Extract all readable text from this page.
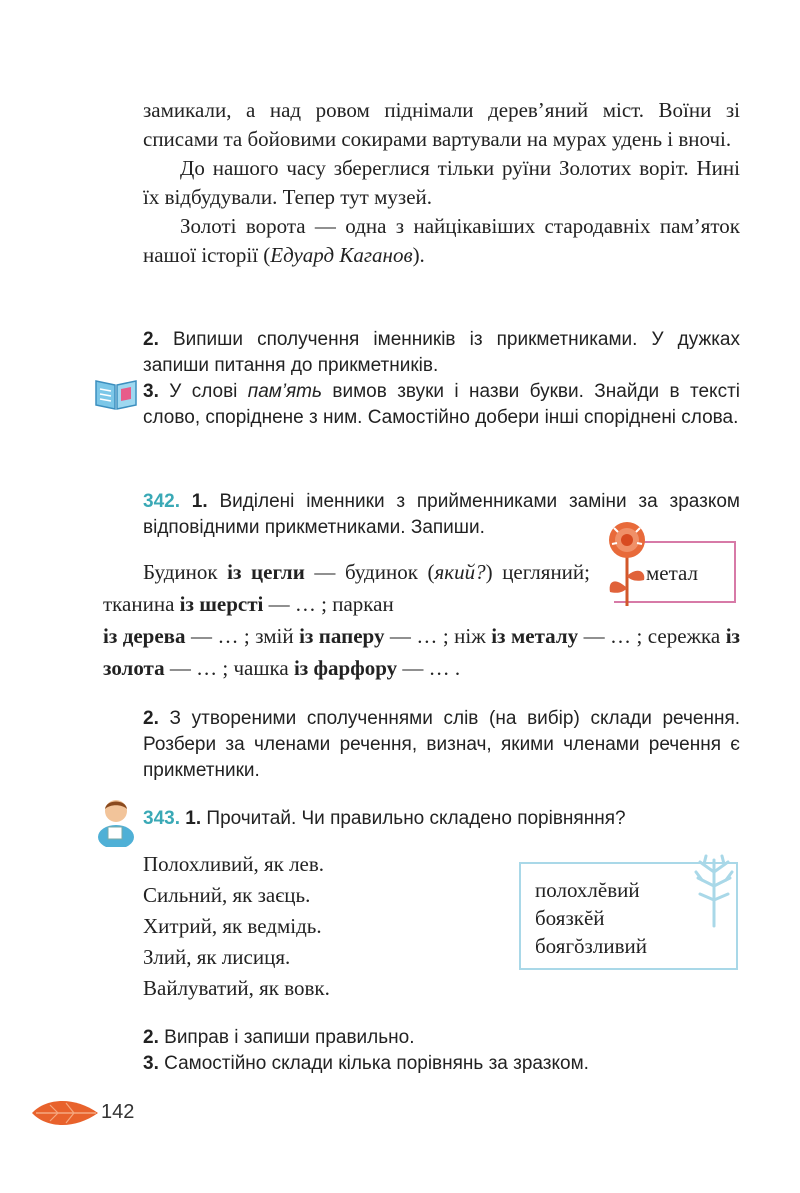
замикали, а над ровом піднімали дерев’яний міст. Воїни зі списами та бойовими сокирами вартували на мурах удень і вночі.

До нашого часу збереглися тільки руїни Золотих воріт. Нині їх відбудували. Тепер тут музей.

Золоті ворота — одна з найцікавіших стародавніх пам’яток нашої історії (Едуард Каганов).

2. Випиши сполучення іменників із прикметниками. У дужках запиши питання до прикметників.

3. У слові пам’ять вимов звуки і назви букви. Знайди в тексті слово, споріднене з ним. Самостійно добери інші споріднені слова.

342. 1. Виділені іменники з прийменниками заміни за зразком відповідними прикметниками. Запиши.

метал

Будинок із цегли — будинок (який?) цегляний; тканина із шерсті — … ; паркан

із дерева — … ; змій із паперу — … ; ніж із металу — … ; сережка із золота — … ; чашка із фарфору — … .

2. З утвореними сполученнями слів (на вибір) склади речення. Розбери за членами речення, визнач, якими членами речення є прикметники.

343. 1. Прочитай. Чи правильно складено порівняння?

Полохливий, як лев.
Сильний, як заєць.
Хитрий, як ведмідь.
Злий, як лисиця.
Вайлуватий, як вовк.
полохлĕвий
боязкĕй
боягŏзливий

2. Виправ і запиши правильно.

3. Самостійно склади кілька порівнянь за зразком.

142
